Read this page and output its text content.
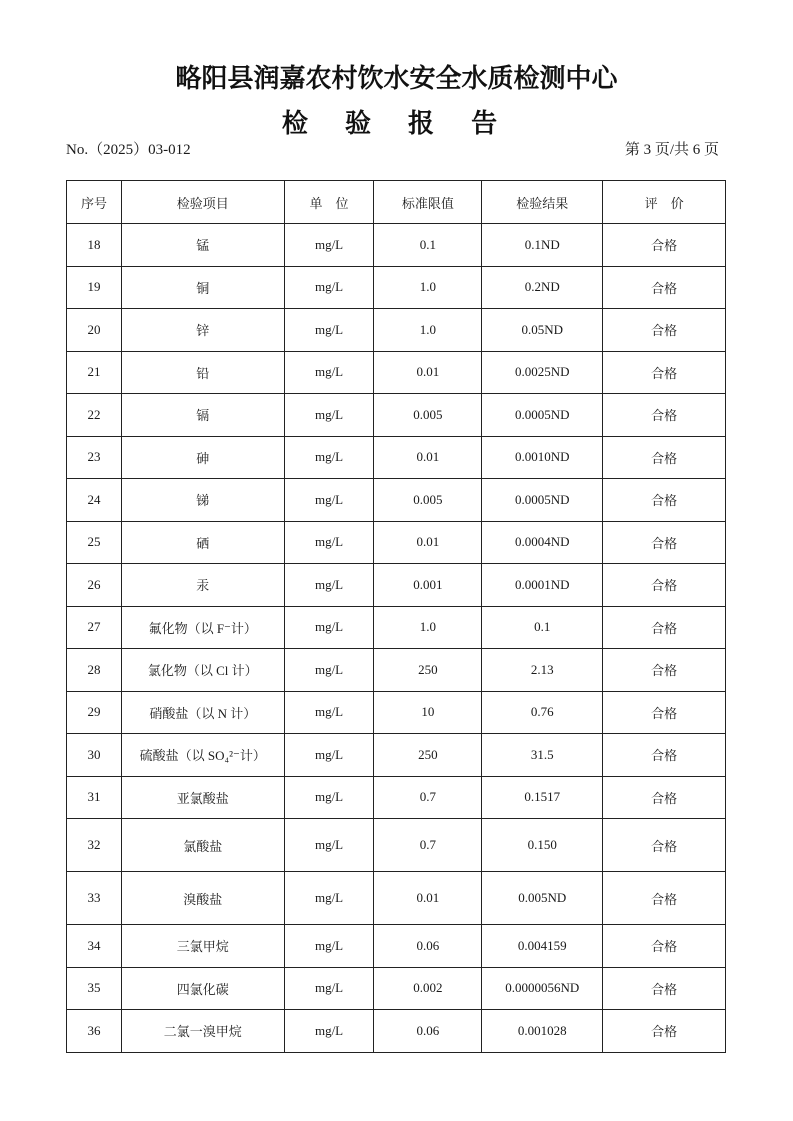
略阳县润嘉农村饮水安全水质检测中心
检 验 报 告
No.（2025）03-012	第 3 页/共 6 页
序号	检验项目	单　位	标准限值	检验结果	评　价
18	锰	mg/L	0.1	0.1ND	合格
19	铜	mg/L	1.0	0.2ND	合格
20	锌	mg/L	1.0	0.05ND	合格
21	铅	mg/L	0.01	0.0025ND	合格
22	镉	mg/L	0.005	0.0005ND	合格
23	砷	mg/L	0.01	0.0010ND	合格
24	锑	mg/L	0.005	0.0005ND	合格
25	硒	mg/L	0.01	0.0004ND	合格
26	汞	mg/L	0.001	0.0001ND	合格
27	氟化物（以 F⁻计）	mg/L	1.0	0.1	合格
28	氯化物（以 Cl 计）	mg/L	250	2.13	合格
29	硝酸盐（以 N 计）	mg/L	10	0.76	合格
30	硫酸盐（以 SO₄²⁻计）	mg/L	250	31.5	合格
31	亚氯酸盐	mg/L	0.7	0.1517	合格
32	氯酸盐	mg/L	0.7	0.150	合格
33	溴酸盐	mg/L	0.01	0.005ND	合格
34	三氯甲烷	mg/L	0.06	0.004159	合格
35	四氯化碳	mg/L	0.002	0.0000056ND	合格
36	二氯一溴甲烷	mg/L	0.06	0.001028	合格
